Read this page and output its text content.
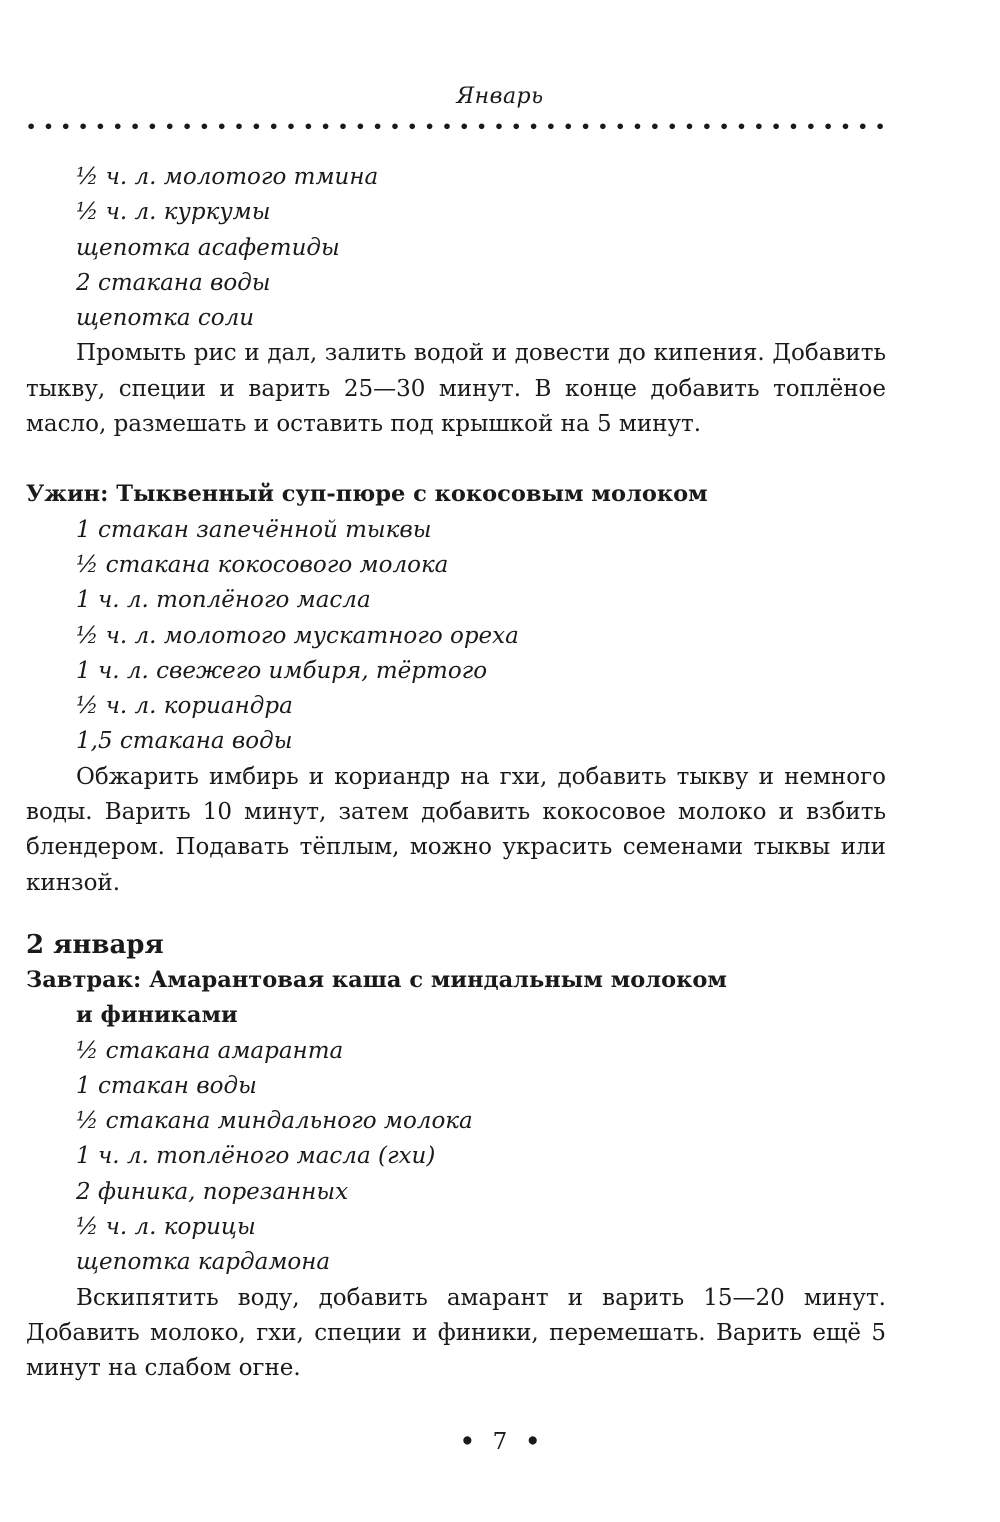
Январь
••••••••••••••••••••••••••••••••••••••••••••••••••
½ ч. л. молотого тмина
½ ч. л. куркумы
щепотка асафетиды
2 стакана воды
щепотка соли

Промыть рис и дал, залить водой и довести до кипения. Добавить тыкву, специи и варить 25—30 минут. В конце добавить топлёное масло, размешать и оставить под крышкой на 5 минут.

Ужин: Тыквенный суп-пюре с кокосовым молоком
1 стакан запечённой тыквы
½ стакана кокосового молока
1 ч. л. топлёного масла
½ ч. л. молотого мускатного ореха
1 ч. л. свежего имбиря, тёртого
½ ч. л. кориандра
1,5 стакана воды

Обжарить имбирь и кориандр на гхи, добавить тыкву и немного воды. Варить 10 минут, затем добавить кокосовое молоко и взбить блендером. Подавать тёплым, можно украсить семенами тыквы или кинзой.

2 января
Завтрак: Амарантовая каша с миндальным молоком
и финиками
½ стакана амаранта
1 стакан воды
½ стакана миндального молока
1 ч. л. топлёного масла (гхи)
2 финика, порезанных
½ ч. л. корицы
щепотка кардамона

Вскипятить воду, добавить амарант и варить 15—20 минут. Добавить молоко, гхи, специи и финики, перемешать. Варить ещё 5 минут на слабом огне.

• 7 •
